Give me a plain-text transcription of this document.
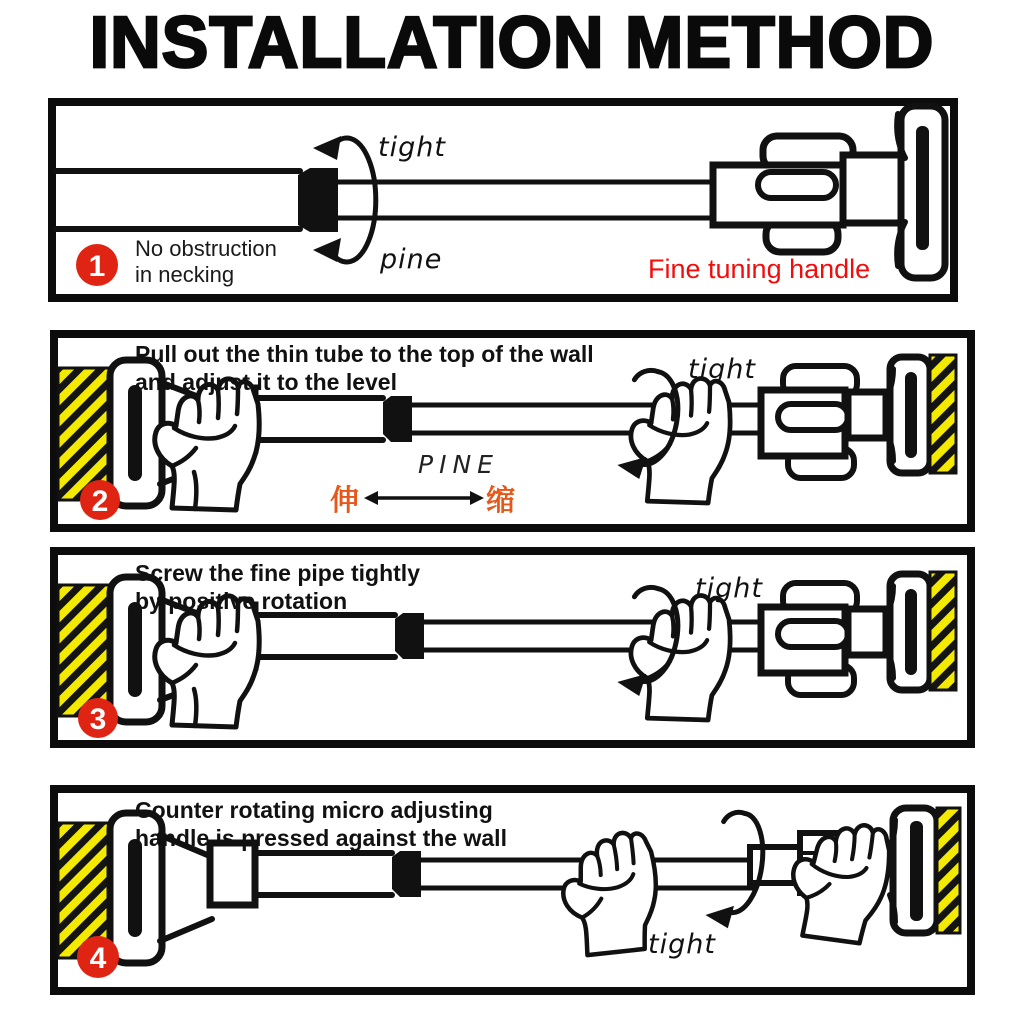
INSTALLATION METHOD
tight
pine
1
No obstruction
in necking	Fine tuning handle
tight
2
Pull out the thin tube to the top of the wall
and adjust it to the level
PINE
伸	缩
tight
3
Screw the fine pipe tightly
by positive rotation
tight
4
Counter rotating micro adjusting
handle is pressed against the wall
